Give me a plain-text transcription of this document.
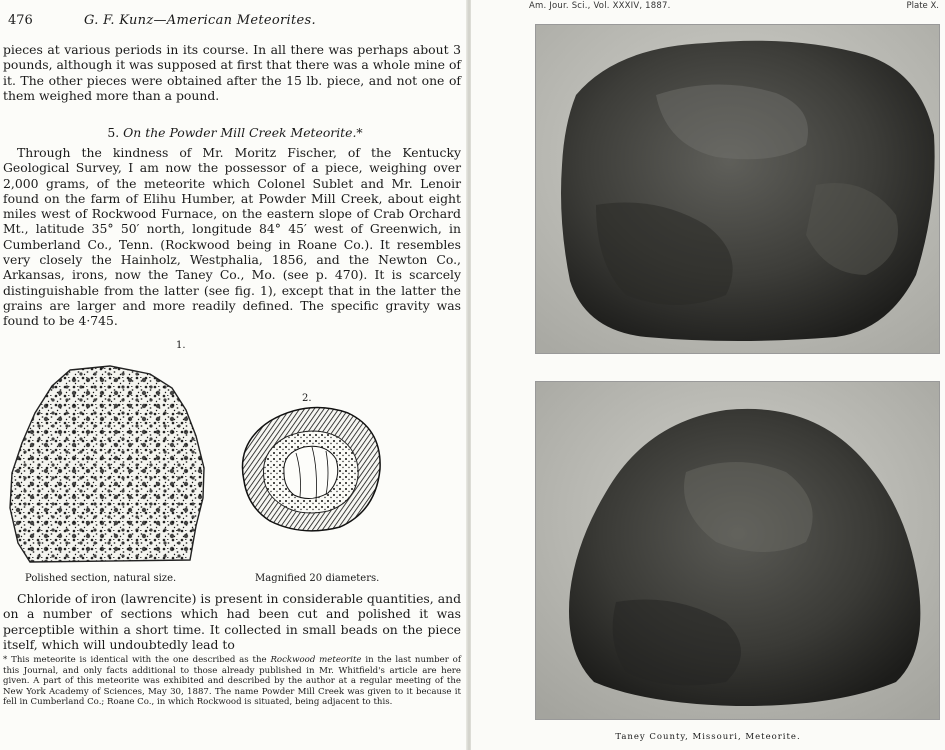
476	G. F. Kunz—American Meteorites.

pieces at various periods in its course. In all there was perhaps about 3 pounds, although it was supposed at first that there was a whole mine of it. The other pieces were obtained after the 15 lb. piece, and not one of them weighed more than a pound.

5. On the Powder Mill Creek Meteorite.*

Through the kindness of Mr. Moritz Fischer, of the Kentucky Geological Survey, I am now the possessor of a piece, weighing over 2,000 grams, of the meteorite which Colonel Sublet and Mr. Lenoir found on the farm of Elihu Humber, at Powder Mill Creek, about eight miles west of Rockwood Furnace, on the eastern slope of Crab Orchard Mt., latitude 35° 50′ north, longitude 84° 45′ west of Greenwich, in Cumberland Co., Tenn. (Rockwood being in Roane Co.). It resembles very closely the Hainholz, Westphalia, 1856, and the Newton Co., Arkansas, irons, now the Taney Co., Mo. (see p. 470). It is scarcely distinguishable from the latter (see fig. 1), except that in the latter the grains are larger and more readily defined. The specific gravity was found to be 4·745.

1.
2.
Polished section, natural size.	Magnified 20 diameters.

Chloride of iron (lawrencite) is present in considerable quantities, and on a number of sections which had been cut and polished it was perceptible within a short time. It collected in small beads on the piece itself, which will undoubtedly lead to

* This meteorite is identical with the one described as the Rockwood meteorite in the last number of this Journal, and only facts additional to those already published in Mr. Whitfield's article are here given. A part of this meteorite was exhibited and described by the author at a regular meeting of the New York Academy of Sciences, May 30, 1887. The name Powder Mill Creek was given to it because it fell in Cumberland Co.; Roane Co., in which Rockwood is situated, being adjacent to this.

Am. Jour. Sci., Vol. XXXIV, 1887.	Plate X.
Taney County, Missouri, Meteorite.
